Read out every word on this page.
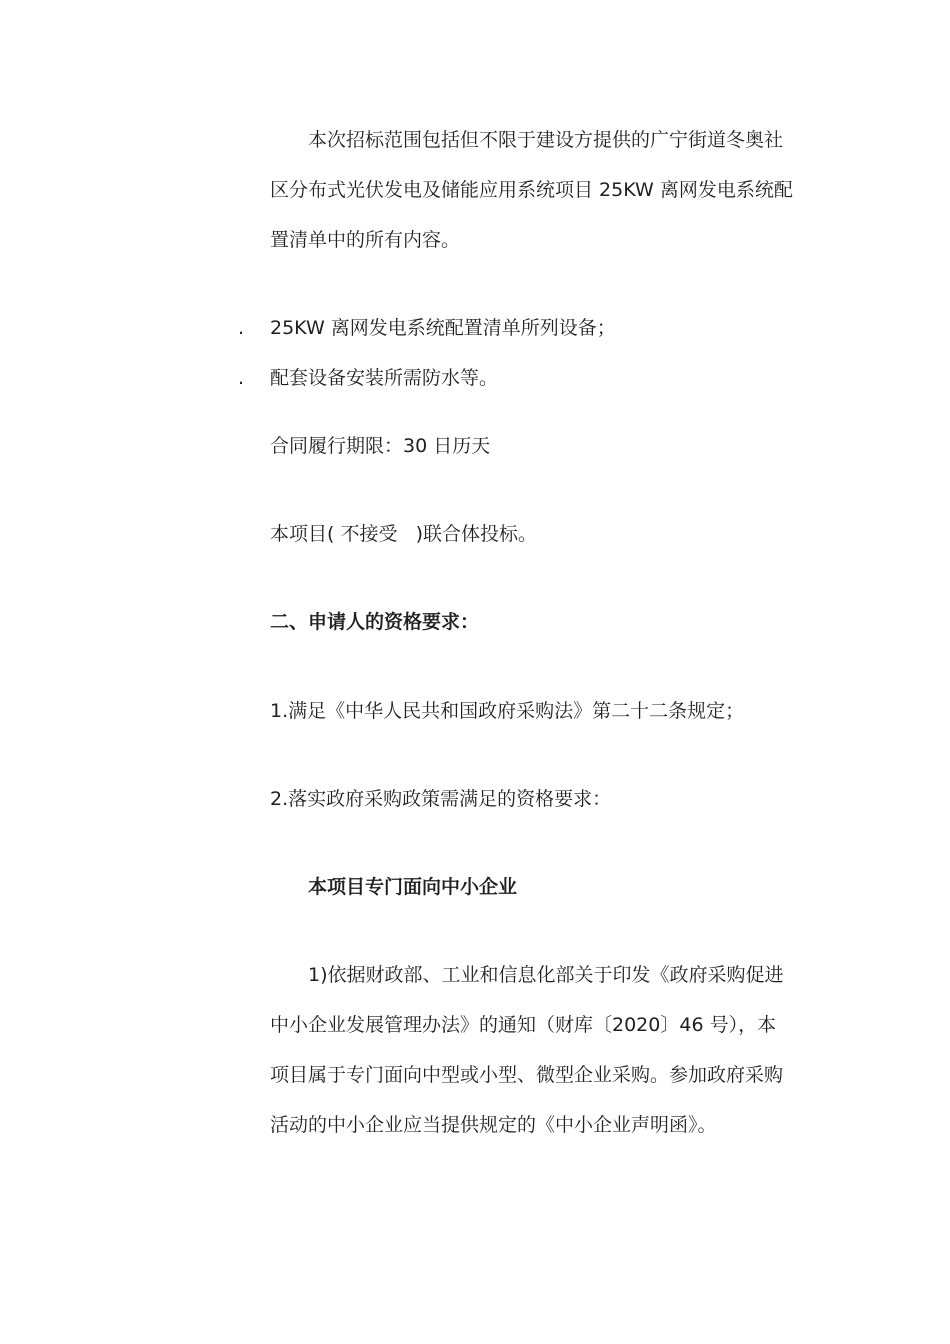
本次招标范围包括但不限于建设方提供的广宁街道冬奥社
区分布式光伏发电及储能应用系统项目 25KW 离网发电系统配
置清单中的所有内容。
. 25KW 离网发电系统配置清单所列设备；
. 配套设备安装所需防水等。
合同履行期限：30 日历天
本项目( 不接受   )联合体投标。
二、申请人的资格要求：
1.满足《中华人民共和国政府采购法》第二十二条规定；
2.落实政府采购政策需满足的资格要求：
本项目专门面向中小企业
1)依据财政部、工业和信息化部关于印发《政府采购促进
中小企业发展管理办法》的通知（财库〔2020〕46 号），本
项目属于专门面向中型或小型、微型企业采购。参加政府采购
活动的中小企业应当提供规定的《中小企业声明函》。
